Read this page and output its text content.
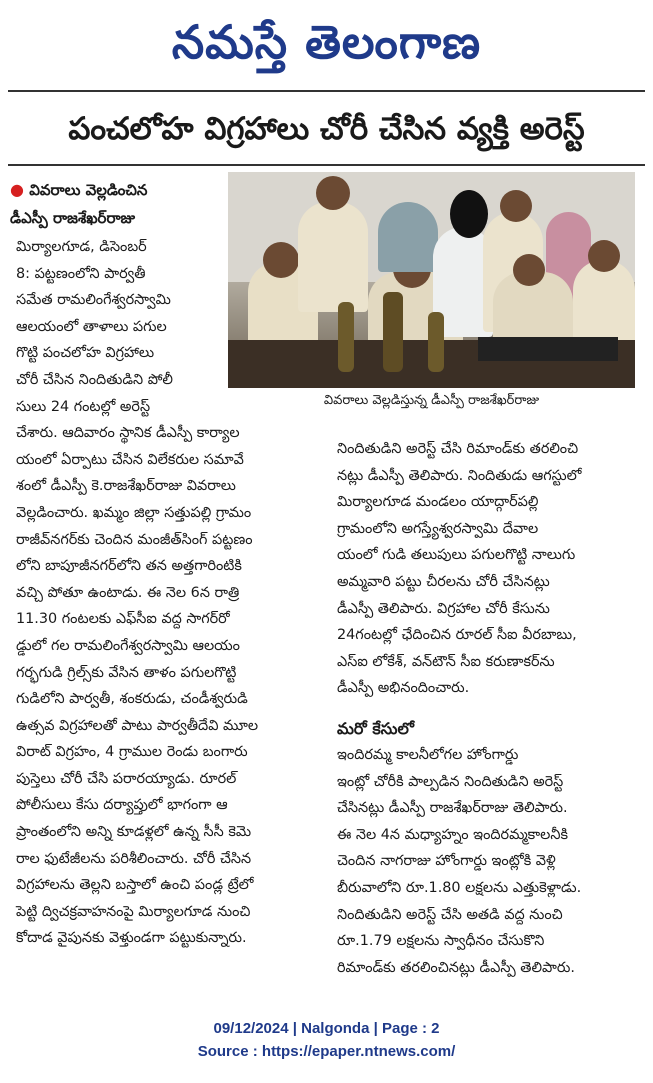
నమస్తే తెలంగాణ
పంచలోహ విగ్రహాలు చోరీ చేసిన వ్యక్తి అరెస్ట్
● వివరాలు వెల్లడించిన
డీఎస్పీ రాజశేఖర్‌రాజు
వివరాలు వెల్లడిస్తున్న డీఎస్పీ రాజశేఖర్‌రాజు

మిర్యాలగూడ, డిసెంబర్

8: పట్టణంలోని పార్వతీ

సమేత రామలింగేశ్వరస్వామి

ఆలయంలో తాళాలు పగుల

గొట్టి పంచలోహ విగ్రహాలు

చోరీ చేసిన నిందితుడిని పోలీ

సులు 24 గంటల్లో అరెస్ట్

చేశారు. ఆదివారం స్థానిక డీఎస్పీ కార్యాల

యంలో ఏర్పాటు చేసిన విలేకరుల సమావే

శంలో డీఎస్పీ కె.రాజశేఖర్‌రాజు వివరాలు

వెల్లడించారు. ఖమ్మం జిల్లా సత్తుపల్లి గ్రామం

రాజీవ్‌నగర్‌కు చెందిన మంజీత్‌సింగ్ పట్టణం

లోని బాపూజీనగర్‌లోని తన అత్తగారింటికి

వచ్చి పోతూ ఉంటాడు. ఈ నెల 6న రాత్రి

11.30 గంటలకు ఎఫ్‌సీఐ వద్ద సాగర్‌రో

డ్డులో గల రామలింగేశ్వరస్వామి ఆలయం

గర్భగుడి గ్రిల్స్‌కు వేసిన తాళం పగులగొట్టి

గుడిలోని పార్వతీ, శంకరుడు, చండీశ్వరుడి

ఉత్సవ విగ్రహాలతో పాటు పార్వతీదేవి మూల

విరాట్ విగ్రహం, 4 గ్రాముల రెండు బంగారు

పుస్తెలు చోరీ చేసి పరారయ్యాడు. రూరల్

పోలీసులు కేసు దర్యాప్తులో భాగంగా ఆ

ప్రాంతంలోని అన్ని కూడళ్లలో ఉన్న సీసీ కెమె

రాల ఫుటేజీలను పరిశీలించారు. చోరీ చేసిన

విగ్రహాలను తెల్లని బస్తాలో ఉంచి పండ్ల ట్రేలో

పెట్టి ద్విచక్రవాహనంపై మిర్యాలగూడ నుంచి

కోదాడ వైపునకు వెళ్తుండగా పట్టుకున్నారు.

నిందితుడిని అరెస్ట్ చేసి రిమాండ్‌కు తరలించి

నట్లు డీఎస్పీ తెలిపారు. నిందితుడు ఆగస్టులో

మిర్యాలగూడ మండలం యాద్గార్‌పల్లి

గ్రామంలోని అగస్త్యేశ్వరస్వామి దేవాల

యంలో గుడి తలుపులు పగులగొట్టి నాలుగు

అమ్మవారి పట్టు చీరలను చోరీ చేసినట్లు

డీఎస్పీ తెలిపారు. విగ్రహాల చోరీ కేసును

24గంటల్లో ఛేదించిన రూరల్ సీఐ వీరబాబు,

ఎస్‌ఐ లోకేశ్, వన్‌టౌన్ సీఐ కరుణాకర్‌ను

డీఎస్పీ అభినందించారు.

మరో కేసులో

ఇందిరమ్మ కాలనీలోగల హోంగార్డు

ఇంట్లో చోరీకి పాల్పడిన నిందితుడిని అరెస్ట్

చేసినట్లు డీఎస్పీ రాజశేఖర్‌రాజు తెలిపారు.

ఈ నెల 4న మధ్యాహ్నం ఇందిరమ్మకాలనీకి

చెందిన నాగరాజు హోంగార్డు ఇంట్లోకి వెళ్లి

బీరువాలోని రూ.1.80 లక్షలను ఎత్తుకెళ్లాడు.

నిందితుడిని అరెస్ట్ చేసి అతడి వద్ద నుంచి

రూ.1.79 లక్షలను స్వాధీనం చేసుకొని

రిమాండ్‌కు తరలించినట్లు డీఎస్పీ తెలిపారు.

09/12/2024 | Nalgonda | Page : 2
Source : https://epaper.ntnews.com/
